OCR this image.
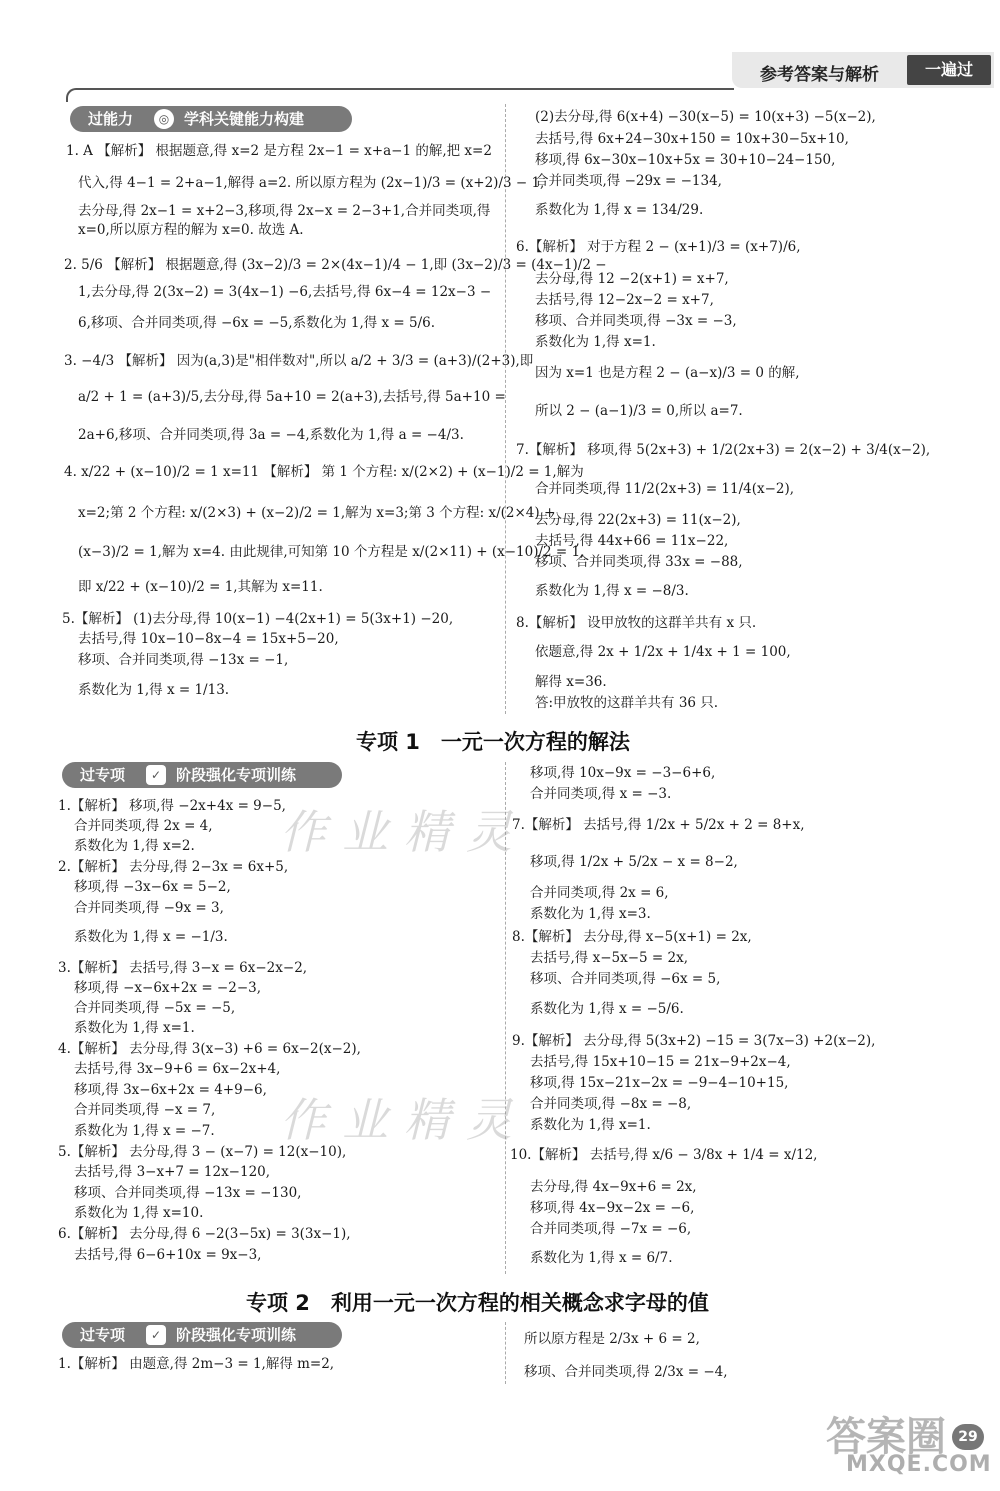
参考答案与解析	一遍过
过能力	◎ 学科关键能力构建
1. A 【解析】 根据题意,得 x=2 是方程 2x−1 = x+a−1 的解,把 x=2
代入,得 4−1 = 2+a−1,解得 a=2. 所以原方程为 (2x−1)/3 = (x+2)/3 − 1,
去分母,得 2x−1 = x+2−3,移项,得 2x−x = 2−3+1,合并同类项,得
x=0,所以原方程的解为 x=0. 故选 A.
2. 5/6 【解析】 根据题意,得 (3x−2)/3 = 2×(4x−1)/4 − 1,即 (3x−2)/3 = (4x−1)/2 −
1,去分母,得 2(3x−2) = 3(4x−1) −6,去括号,得 6x−4 = 12x−3 −
6,移项、合并同类项,得 −6x = −5,系数化为 1,得 x = 5/6.
3. −4/3 【解析】 因为(a,3)是"相伴数对",所以 a/2 + 3/3 = (a+3)/(2+3),即
a/2 + 1 = (a+3)/5,去分母,得 5a+10 = 2(a+3),去括号,得 5a+10 =
2a+6,移项、合并同类项,得 3a = −4,系数化为 1,得 a = −4/3.
4. x/22 + (x−10)/2 = 1 x=11 【解析】 第 1 个方程: x/(2×2) + (x−1)/2 = 1,解为
x=2;第 2 个方程: x/(2×3) + (x−2)/2 = 1,解为 x=3;第 3 个方程: x/(2×4) +
(x−3)/2 = 1,解为 x=4. 由此规律,可知第 10 个方程是 x/(2×11) + (x−10)/2 = 1,
即 x/22 + (x−10)/2 = 1,其解为 x=11.
5.【解析】 (1)去分母,得 10(x−1) −4(2x+1) = 5(3x+1) −20,
去括号,得 10x−10−8x−4 = 15x+5−20,
移项、合并同类项,得 −13x = −1,
系数化为 1,得 x = 1/13.
(2)去分母,得 6(x+4) −30(x−5) = 10(x+3) −5(x−2),
去括号,得 6x+24−30x+150 = 10x+30−5x+10,
移项,得 6x−30x−10x+5x = 30+10−24−150,
合并同类项,得 −29x = −134,
系数化为 1,得 x = 134/29.
6.【解析】 对于方程 2 − (x+1)/3 = (x+7)/6,
去分母,得 12 −2(x+1) = x+7,
去括号,得 12−2x−2 = x+7,
移项、合并同类项,得 −3x = −3,
系数化为 1,得 x=1.
因为 x=1 也是方程 2 − (a−x)/3 = 0 的解,
所以 2 − (a−1)/3 = 0,所以 a=7.
7.【解析】 移项,得 5(2x+3) + 1/2(2x+3) = 2(x−2) + 3/4(x−2),
合并同类项,得 11/2(2x+3) = 11/4(x−2),
去分母,得 22(2x+3) = 11(x−2),
去括号,得 44x+66 = 11x−22,
移项、合并同类项,得 33x = −88,
系数化为 1,得 x = −8/3.
8.【解析】 设甲放牧的这群羊共有 x 只.
依题意,得 2x + 1/2x + 1/4x + 1 = 100,
解得 x=36.
答:甲放牧的这群羊共有 36 只.
专项 1　一元一次方程的解法
过专项	✓ 阶段强化专项训练
作业精灵
作业精灵
1.【解析】 移项,得 −2x+4x = 9−5,
合并同类项,得 2x = 4,
系数化为 1,得 x=2.
2.【解析】 去分母,得 2−3x = 6x+5,
移项,得 −3x−6x = 5−2,
合并同类项,得 −9x = 3,
系数化为 1,得 x = −1/3.
3.【解析】 去括号,得 3−x = 6x−2x−2,
移项,得 −x−6x+2x = −2−3,
合并同类项,得 −5x = −5,
系数化为 1,得 x=1.
4.【解析】 去分母,得 3(x−3) +6 = 6x−2(x−2),
去括号,得 3x−9+6 = 6x−2x+4,
移项,得 3x−6x+2x = 4+9−6,
合并同类项,得 −x = 7,
系数化为 1,得 x = −7.
5.【解析】 去分母,得 3 − (x−7) = 12(x−10),
去括号,得 3−x+7 = 12x−120,
移项、合并同类项,得 −13x = −130,
系数化为 1,得 x=10.
6.【解析】 去分母,得 6 −2(3−5x) = 3(3x−1),
去括号,得 6−6+10x = 9x−3,
移项,得 10x−9x = −3−6+6,
合并同类项,得 x = −3.
7.【解析】 去括号,得 1/2x + 5/2x + 2 = 8+x,
移项,得 1/2x + 5/2x − x = 8−2,
合并同类项,得 2x = 6,
系数化为 1,得 x=3.
8.【解析】 去分母,得 x−5(x+1) = 2x,
去括号,得 x−5x−5 = 2x,
移项、合并同类项,得 −6x = 5,
系数化为 1,得 x = −5/6.
9.【解析】 去分母,得 5(3x+2) −15 = 3(7x−3) +2(x−2),
去括号,得 15x+10−15 = 21x−9+2x−4,
移项,得 15x−21x−2x = −9−4−10+15,
合并同类项,得 −8x = −8,
系数化为 1,得 x=1.
10.【解析】 去括号,得 x/6 − 3/8x + 1/4 = x/12,
去分母,得 4x−9x+6 = 2x,
移项,得 4x−9x−2x = −6,
合并同类项,得 −7x = −6,
系数化为 1,得 x = 6/7.
专项 2　利用一元一次方程的相关概念求字母的值
过专项	✓ 阶段强化专项训练
1.【解析】 由题意,得 2m−3 = 1,解得 m=2,
所以原方程是 2/3x + 6 = 2,
移项、合并同类项,得 2/3x = −4,
答案圈
MXQE.COM
29
